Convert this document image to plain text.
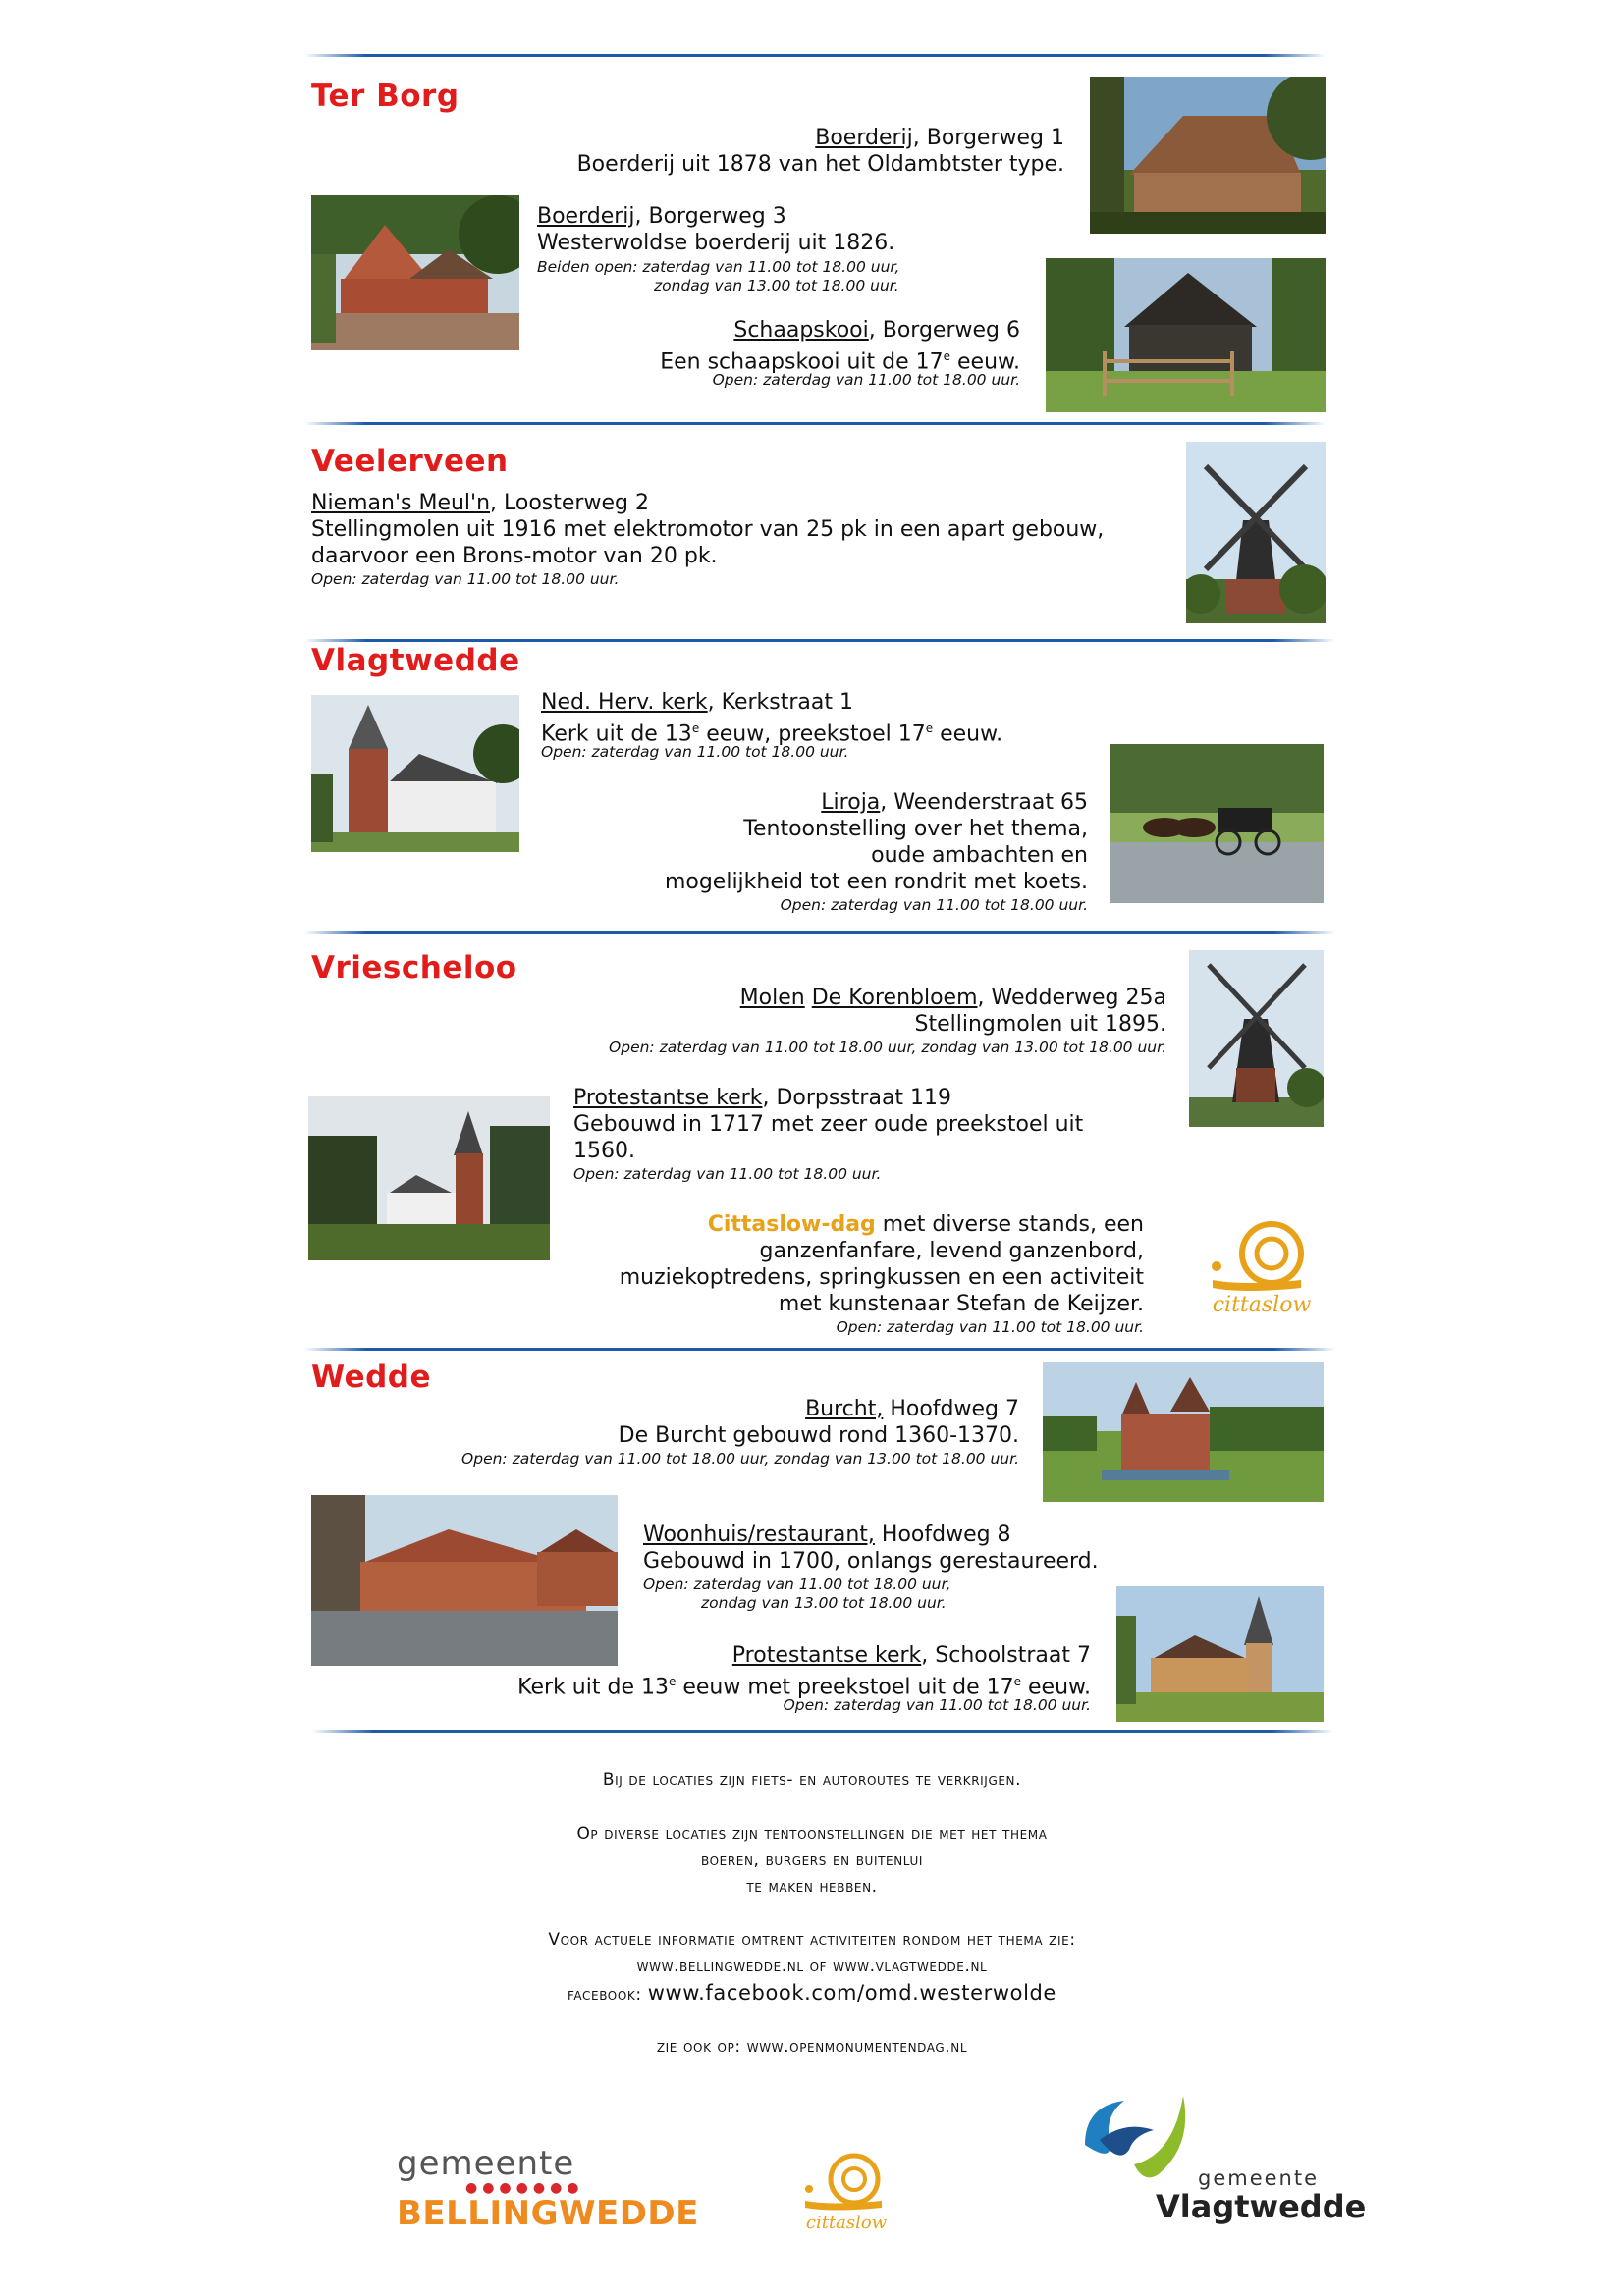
Ter Borg
Boerderij, Borgerweg 1
Boerderij uit 1878 van het Oldambtster type.
Boerderij, Borgerweg 3
Westerwoldse boerderij uit 1826.
Beiden open: zaterdag van 11.00 tot 18.00 uur,
zondag van 13.00 tot 18.00 uur.
Schaapskooi, Borgerweg 6
Een schaapskooi uit de 17e eeuw.
Open: zaterdag van 11.00 tot 18.00 uur.
Veelerveen
Nieman's Meul'n, Loosterweg 2
Stellingmolen uit 1916 met elektromotor van 25 pk in een apart gebouw,
daarvoor een Brons-motor van 20 pk.
Open: zaterdag van 11.00 tot 18.00 uur.
Vlagtwedde
Ned. Herv. kerk, Kerkstraat 1
Kerk uit de 13e eeuw, preekstoel 17e eeuw.
Open: zaterdag van 11.00 tot 18.00 uur.
Liroja, Weenderstraat 65
Tentoonstelling over het thema,
oude ambachten en
mogelijkheid tot een rondrit met koets.
Open: zaterdag van 11.00 tot 18.00 uur.
Vriescheloo
Molen De Korenbloem, Wedderweg 25a
Stellingmolen uit 1895.
Open: zaterdag van 11.00 tot 18.00 uur, zondag van 13.00 tot 18.00 uur.
Protestantse kerk, Dorpsstraat 119
Gebouwd in 1717 met zeer oude preekstoel uit
1560.
Open: zaterdag van 11.00 tot 18.00 uur.
Cittaslow-dag met diverse stands, een
ganzenfanfare, levend ganzenbord,
muziekoptredens, springkussen en een activiteit
met kunstenaar Stefan de Keijzer.
Open: zaterdag van 11.00 tot 18.00 uur.
cittaslow
Wedde
Burcht, Hoofdweg 7
De Burcht gebouwd rond 1360-1370.
Open: zaterdag van 11.00 tot 18.00 uur, zondag van 13.00 tot 18.00 uur.
Woonhuis/restaurant, Hoofdweg 8
Gebouwd in 1700, onlangs gerestaureerd.
Open: zaterdag van 11.00 tot 18.00 uur,
zondag van 13.00 tot 18.00 uur.
Protestantse kerk, Schoolstraat 7
Kerk uit de 13e eeuw met preekstoel uit de 17e eeuw.
Open: zaterdag van 11.00 tot 18.00 uur.
Bij de locaties zijn fiets- en autoroutes te verkrijgen.
Op diverse locaties zijn tentoonstellingen die met het thema
boeren, burgers en buitenlui
te maken hebben.
Voor actuele informatie omtrent activiteiten rondom het thema zie:
www.bellingwedde.nl of www.vlagtwedde.nl
facebook: www.facebook.com/omd.westerwolde
zie ook op: www.openmonumentendag.nl
gemeente
●●●●●●●
BELLINGWEDDE	cittaslow
gemeente
Vlagtwedde
